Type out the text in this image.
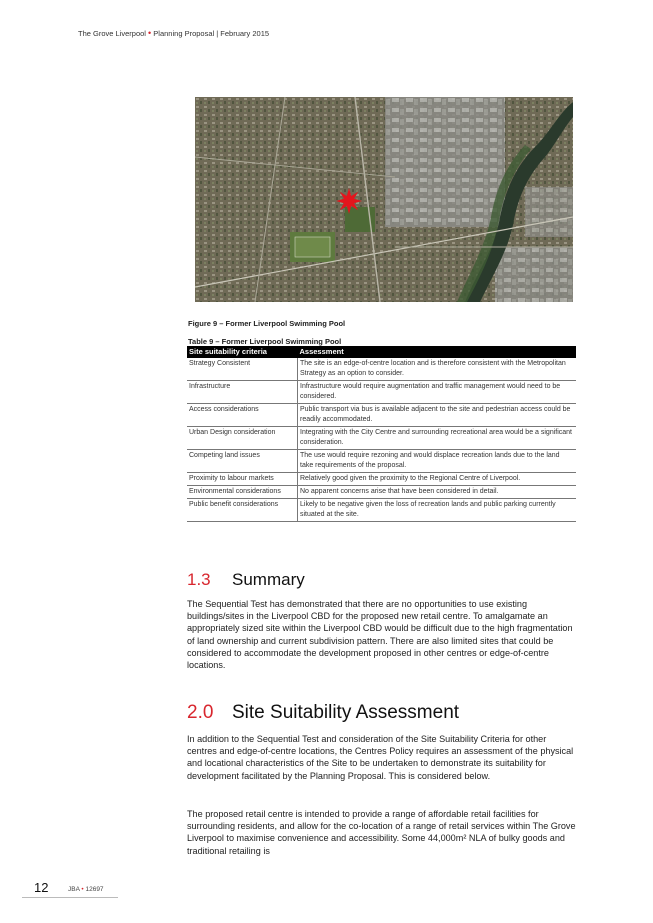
The Grove Liverpool • Planning Proposal | February 2015
Figure 9 – Former Liverpool Swimming Pool
Table 9 – Former Liverpool Swimming Pool
Site suitability criteria	Assessment
Strategy Consistent	The site is an edge-of-centre location and is therefore consistent with the Metropolitan Strategy as an option to consider.
Infrastructure	Infrastructure would require augmentation and traffic management would need to be considered.
Access considerations	Public transport via bus is available adjacent to the site and pedestrian access could be readily accommodated.
Urban Design consideration	Integrating with the City Centre and surrounding recreational area would be a significant consideration.
Competing land issues	The use would require rezoning and would displace recreation lands due to the land take requirements of the proposal.
Proximity to labour markets	Relatively good given the proximity to the Regional Centre of Liverpool.
Environmental considerations	No apparent concerns arise that have been considered in detail.
Public benefit considerations	Likely to be negative given the loss of recreation lands and public parking currently situated at the site.
1.3 Summary

The Sequential Test has demonstrated that there are no opportunities to use existing buildings/sites in the Liverpool CBD for the proposed new retail centre. To amalgamate an appropriately sized site within the Liverpool CBD would be difficult due to the high fragmentation of land ownership and current subdivision pattern. There are also limited sites that could be considered to accommodate the development proposed in other centres or edge-of-centre locations.

2.0 Site Suitability Assessment

In addition to the Sequential Test and consideration of the Site Suitability Criteria for other centres and edge-of-centre locations, the Centres Policy requires an assessment of the physical and locational characteristics of the Site to be undertaken to demonstrate its suitability for development facilitated by the Planning Proposal. This is considered below.

The proposed retail centre is intended to provide a range of affordable retail facilities for surrounding residents, and allow for the co-location of a range of retail services within The Grove Liverpool to maximise convenience and accessibility. Some 44,000m² NLA of bulky goods and traditional retailing is

12	JBA • 12697
